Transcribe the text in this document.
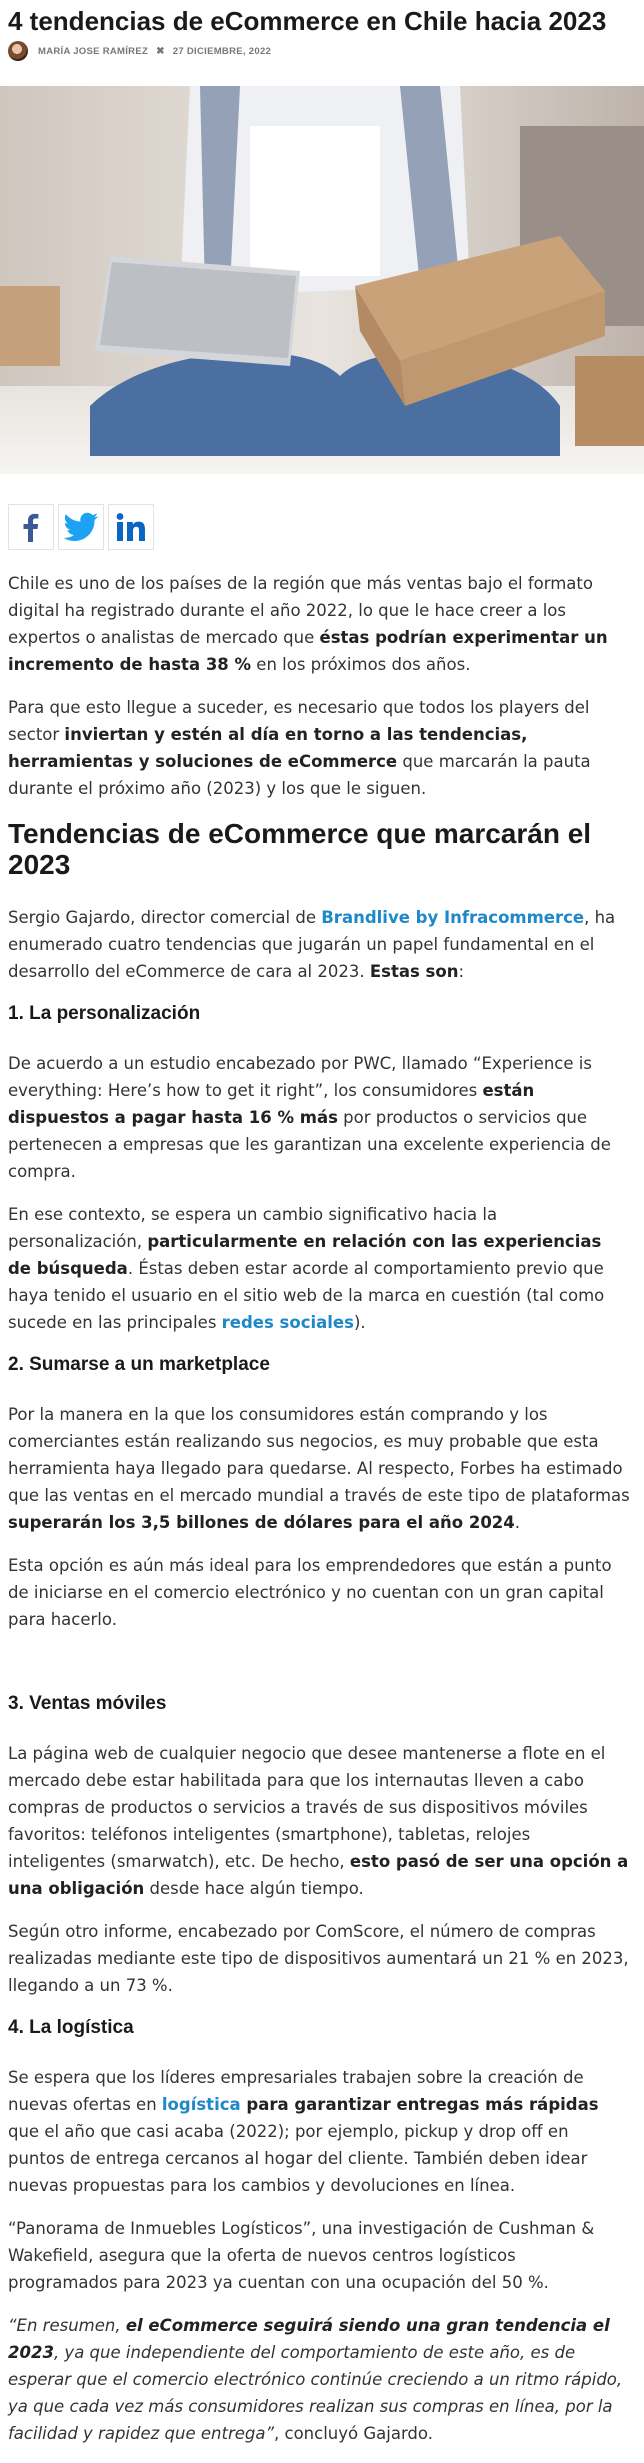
4 tendencias de eCommerce en Chile hacia 2023
MARÍA JOSE RAMÍREZ ✖ 27 DICIEMBRE, 2022

Chile es uno de los países de la región que más ventas bajo el formato digital ha registrado durante el año 2022, lo que le hace creer a los expertos o analistas de mercado que éstas podrían experimentar un incremento de hasta 38 % en los próximos dos años.

Para que esto llegue a suceder, es necesario que todos los players del sector inviertan y estén al día en torno a las tendencias, herramientas y soluciones de eCommerce que marcarán la pauta durante el próximo año (2023) y los que le siguen.

Tendencias de eCommerce que marcarán el 2023

Sergio Gajardo, director comercial de Brandlive by Infracommerce, ha enumerado cuatro tendencias que jugarán un papel fundamental en el desarrollo del eCommerce de cara al 2023. Estas son:

1. La personalización

De acuerdo a un estudio encabezado por PWC, llamado “Experience is everything: Here’s how to get it right”, los consumidores están dispuestos a pagar hasta 16 % más por productos o servicios que pertenecen a empresas que les garantizan una excelente experiencia de compra.

En ese contexto, se espera un cambio significativo hacia la personalización, particularmente en relación con las experiencias de búsqueda. Éstas deben estar acorde al comportamiento previo que haya tenido el usuario en el sitio web de la marca en cuestión (tal como sucede en las principales redes sociales).

2. Sumarse a un marketplace

Por la manera en la que los consumidores están comprando y los comerciantes están realizando sus negocios, es muy probable que esta herramienta haya llegado para quedarse. Al respecto, Forbes ha estimado que las ventas en el mercado mundial a través de este tipo de plataformas superarán los 3,5 billones de dólares para el año 2024.

Esta opción es aún más ideal para los emprendedores que están a punto de iniciarse en el comercio electrónico y no cuentan con un gran capital para hacerlo.

3. Ventas móviles

La página web de cualquier negocio que desee mantenerse a flote en el mercado debe estar habilitada para que los internautas lleven a cabo compras de productos o servicios a través de sus dispositivos móviles favoritos: teléfonos inteligentes (smartphone), tabletas, relojes inteligentes (smarwatch), etc. De hecho, esto pasó de ser una opción a una obligación desde hace algún tiempo.

Según otro informe, encabezado por ComScore, el número de compras realizadas mediante este tipo de dispositivos aumentará un 21 % en 2023, llegando a un 73 %.

4. La logística

Se espera que los líderes empresariales trabajen sobre la creación de nuevas ofertas en logística para garantizar entregas más rápidas que el año que casi acaba (2022); por ejemplo, pickup y drop off en puntos de entrega cercanos al hogar del cliente. También deben idear nuevas propuestas para los cambios y devoluciones en línea.

“Panorama de Inmuebles Logísticos”, una investigación de Cushman & Wakefield, asegura que la oferta de nuevos centros logísticos programados para 2023 ya cuentan con una ocupación del 50 %.

“En resumen, el eCommerce seguirá siendo una gran tendencia el 2023, ya que independiente del comportamiento de este año, es de esperar que el comercio electrónico continúe creciendo a un ritmo rápido, ya que cada vez más consumidores realizan sus compras en línea, por la facilidad y rapidez que entrega”, concluyó Gajardo.
